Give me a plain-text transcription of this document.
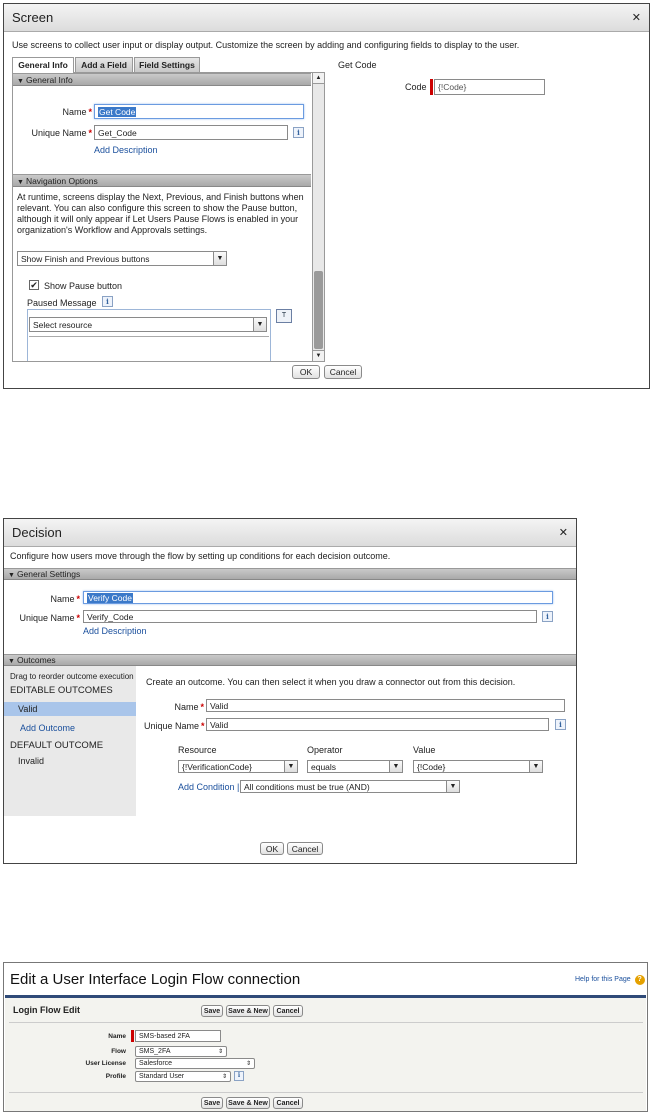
Screen	✕
Use screens to collect user input or display output. Customize the screen by adding and configuring fields to display to the user.
General Info	Add a Field	Field Settings
▼ General Info
Name * Get Code
Unique Name * Get_Code	i
Add Description
▼ Navigation Options
At runtime, screens display the Next, Previous, and Finish buttons when
relevant. You can also configure this screen to show the Pause button,
although it will only appear if Let Users Pause Flows is enabled in your
organization's Workflow and Approvals settings.
Show Finish and Previous buttons	▼
✔ Show Pause button
Paused Message	i
Select resource	▼
T
▲
▼
Get Code
Code	{!Code}
OK	Cancel
Decision	✕
Configure how users move through the flow by setting up conditions for each decision outcome.
▼ General Settings
Name * Verify Code
Unique Name * Verify_Code	i
Add Description
▼ Outcomes
Drag to reorder outcome execution
EDITABLE OUTCOMES
Valid
Add Outcome
DEFAULT OUTCOME
Invalid
Create an outcome. You can then select it when you draw a connector out from this decision.
Name * Valid
Unique Name * Valid	i
Resource	Operator	Value
{!VerificationCode}	▼ equals	▼ {!Code}	▼
Add Condition | All conditions must be true (AND)	▼
OK	Cancel
Edit a User Interface Login Flow connection	Help for this Page ?
Login Flow Edit	Save	Save & New	Cancel
Name	SMS-based 2FA
Flow SMS_2FA	⇕
User License Salesforce	⇕
Profile Standard User	⇕	i
Save	Save & New	Cancel
